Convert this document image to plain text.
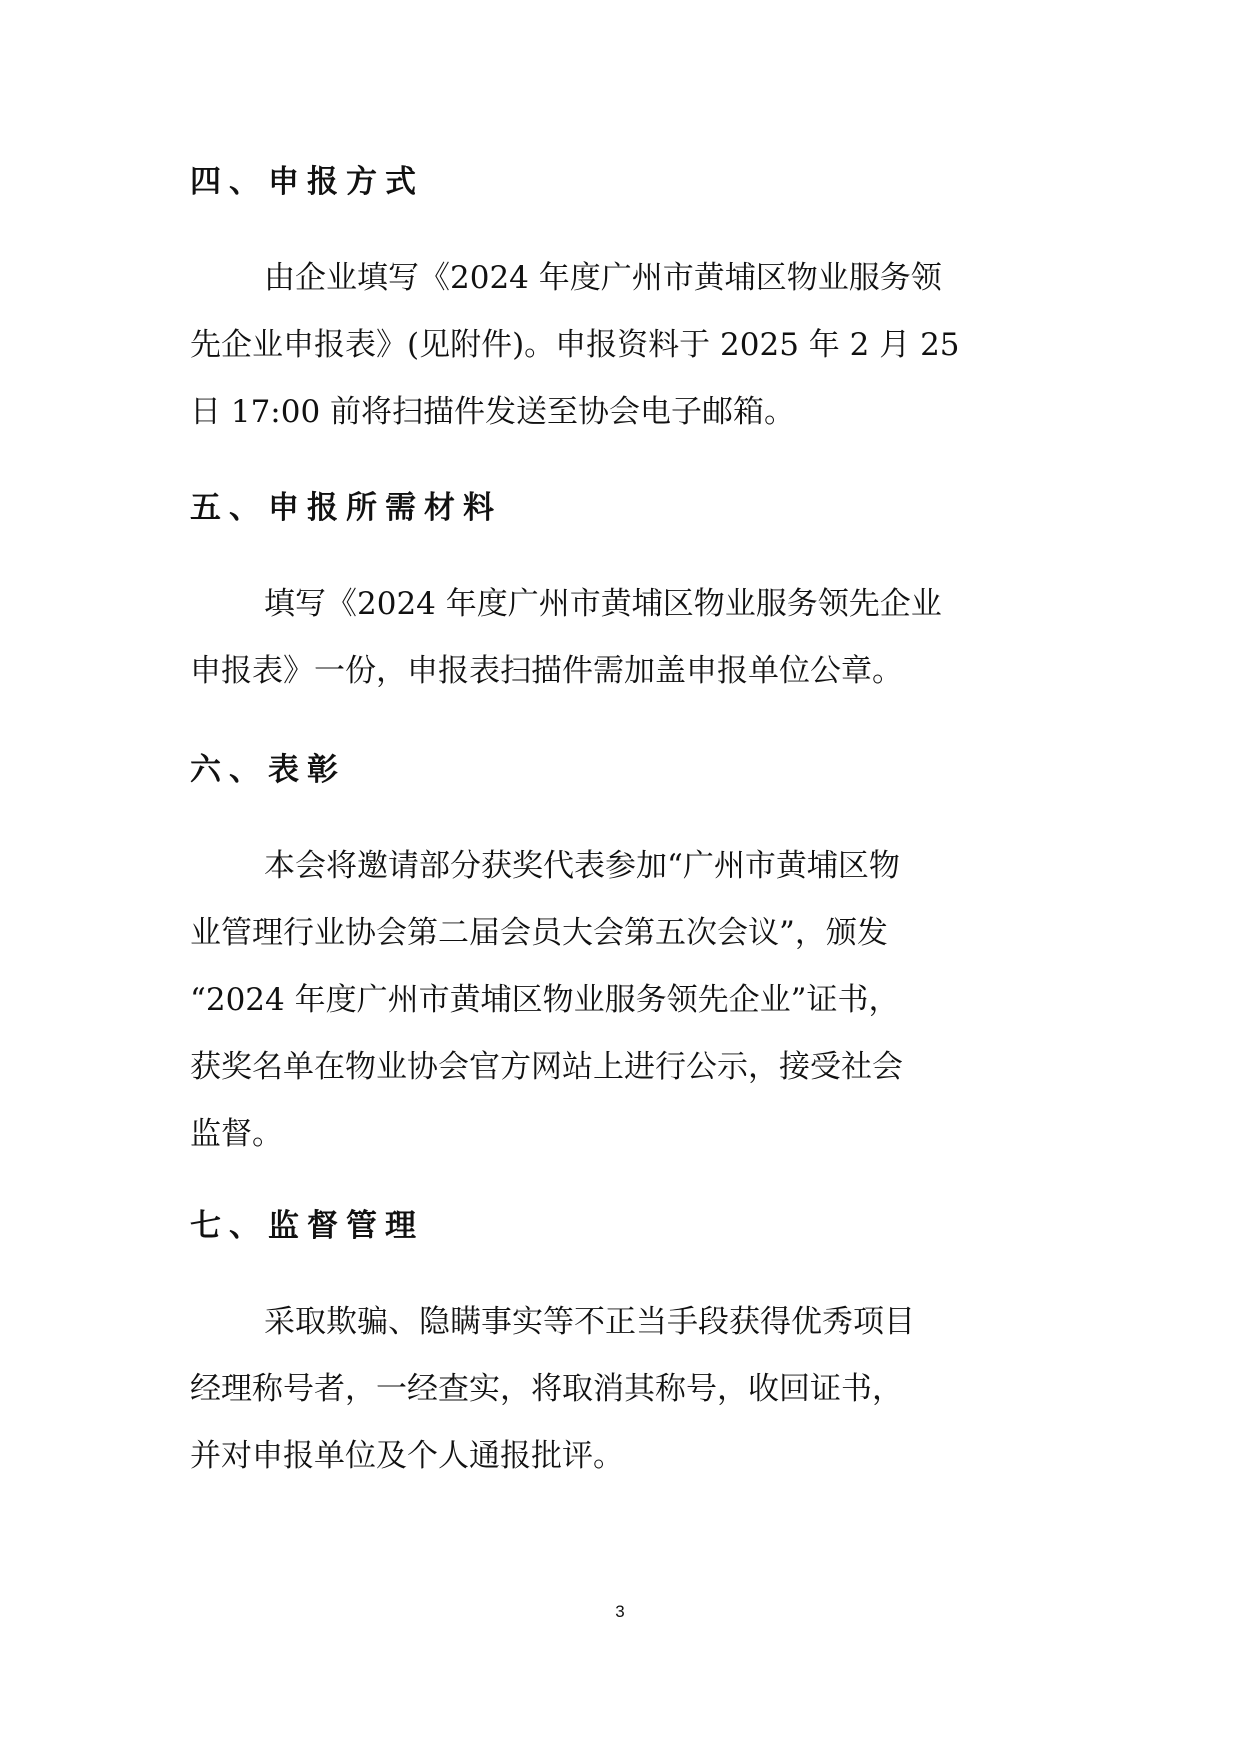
四、申报方式
由企业填写《2024 年度广州市黄埔区物业服务领
先企业申报表》(见附件)。申报资料于 2025 年 2 月 25
日 17:00 前将扫描件发送至协会电子邮箱。
五、申报所需材料
填写《2024 年度广州市黄埔区物业服务领先企业
申报表》一份，申报表扫描件需加盖申报单位公章。
六、表彰
本会将邀请部分获奖代表参加“广州市黄埔区物
业管理行业协会第二届会员大会第五次会议”，颁发
“2024 年度广州市黄埔区物业服务领先企业”证书，
获奖名单在物业协会官方网站上进行公示，接受社会
监督。
七、监督管理
采取欺骗、隐瞒事实等不正当手段获得优秀项目
经理称号者，一经查实，将取消其称号，收回证书，
并对申报单位及个人通报批评。
3
